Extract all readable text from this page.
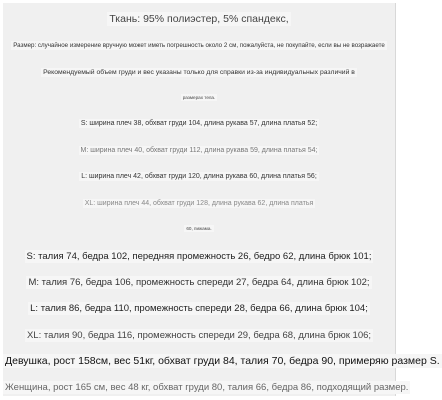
Ткань: 95% полиэстер, 5% спандекс,
Размер: случайное измерение вручную может иметь погрешность около 2 см, пожалуйста, не покупайте, если вы не возражаете
Рекомендуемый объем груди и вес указаны только для справки из-за индивидуальных различий в
размерах тела.
S: ширина плеч 38, обхват груди 104, длина рукава 57, длина платья 52;
M: ширина плеч 40, обхват груди 112, длина рукава 59, длина платья 54;
L: ширина плеч 42, обхват груди 120, длина рукава 60, длина платья 56;
XL: ширина плеч 44, обхват груди 128, длина рукава 62, длина платья
60, пижама.
S: талия 74, бедра 102, передняя промежность 26, бедро 62, длина брюк 101;
M: талия 76, бедра 106, промежность спереди 27, бедра 64, длина брюк 102;
L: талия 86, бедра 110, промежность спереди 28, бедра 66, длина брюк 104;
XL: талия 90, бедра 116, промежность спереди 29, бедра 68, длина брюк 106;
Девушка, рост 158см, вес 51кг, обхват груди 84, талия 70, бедра 90, примеряю размер S.
Женщина, рост 165 см, вес 48 кг, обхват груди 80, талия 66, бедра 86, подходящий размер.
